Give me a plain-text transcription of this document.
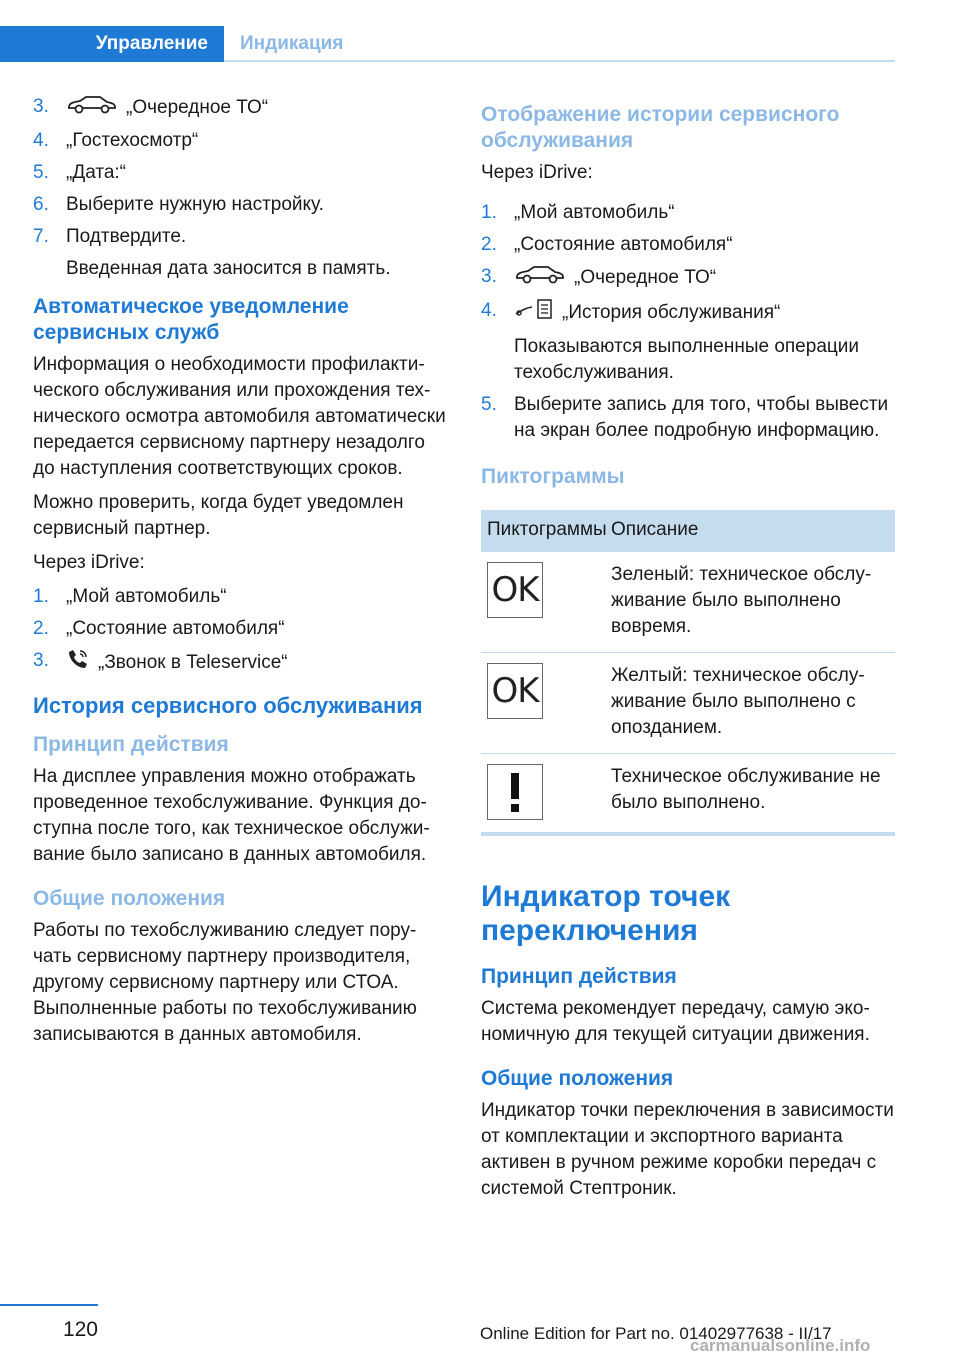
Управление	Индикация
3.	„Очередное ТО“
4. „Гостехосмотр“
5. „Дата:“
6. Выберите нужную настройку.
7. Подтвердите.
Введенная дата заносится в память.
Автоматическое уведомление сервисных служб

Информация о необходимости профилактического обслуживания или прохождения технического осмотра автомобиля автоматически передается сервисному партнеру незадолго до наступления соответствующих сроков.

Можно проверить, когда будет уведомлен сервисный партнер.

Через iDrive:

1. „Мой автомобиль“
2. „Состояние автомобиля“
3.	„Звонок в Teleservice“
История сервисного обслуживания
Принцип действия

На дисплее управления можно отображать проведенное техобслуживание. Функция доступна после того, как техническое обслуживание было записано в данных автомобиля.

Общие положения

Работы по техобслуживанию следует поручать сервисному партнеру производителя, другому сервисному партнеру или СТОА. Выполненные работы по техобслуживанию записываются в данных автомобиля.

Отображение истории сервисного обслуживания

Через iDrive:

1. „Мой автомобиль“
2. „Состояние автомобиля“
3.	„Очередное ТО“
4.	„История обслуживания“
Показываются выполненные операции техобслуживания.
5. Выберите запись для того, чтобы вывести на экран более подробную информацию.
Пиктограммы
Пиктограммы Описание
OK	Зеленый: техническое обслуживание было выполнено вовремя.
OK	Желтый: техническое обслуживание было выполнено с опозданием.
Техническое обслуживание не было выполнено.
Индикатор точек переключения
Принцип действия

Система рекомендует передачу, самую экономичную для текущей ситуации движения.

Общие положения

Индикатор точки переключения в зависимости от комплектации и экспортного варианта активен в ручном режиме коробки передач с системой Стептроник.

120	Online Edition for Part no. 01402977638 - II/17
carmanualsonline.info
